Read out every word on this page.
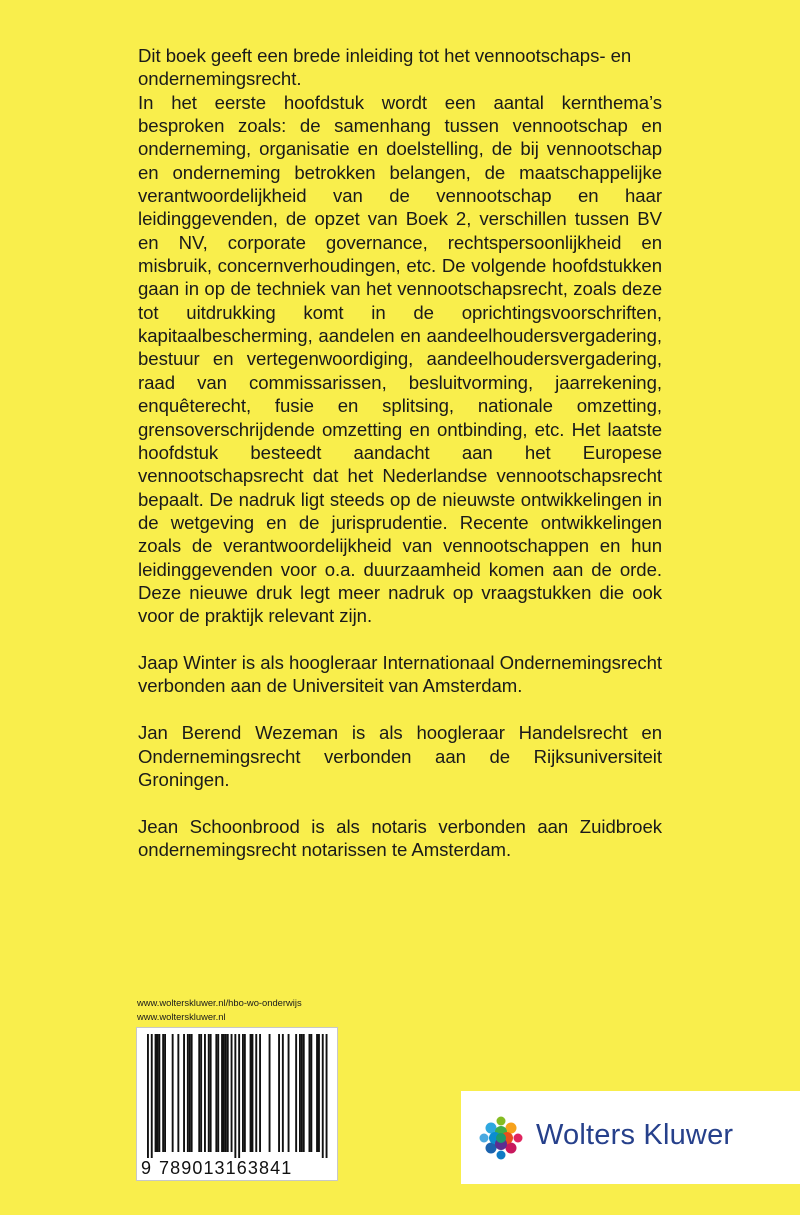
Dit boek geeft een brede inleiding tot het vennootschaps- en ondernemingsrecht.

In het eerste hoofdstuk wordt een aantal kernthema’s besproken zoals: de samenhang tussen vennootschap en onderneming, organisatie en doelstelling, de bij vennootschap en onderneming betrokken belangen, de maatschappelijke verantwoordelijkheid van de vennootschap en haar leidinggevenden, de opzet van Boek 2, verschillen tussen BV en NV, corporate governance, rechtspersoonlijkheid en misbruik, concernverhoudingen, etc. De volgende hoofdstukken gaan in op de techniek van het vennootschapsrecht, zoals deze tot uitdrukking komt in de oprichtingsvoorschriften, kapitaalbescherming, aandelen en aandeelhoudersvergadering, bestuur en vertegenwoordiging, aandeelhoudersvergadering, raad van commissarissen, besluitvorming, jaarrekening, enquêterecht, fusie en splitsing, nationale omzetting, grensoverschrijdende omzetting en ontbinding, etc. Het laatste hoofdstuk besteedt aandacht aan het Europese vennootschapsrecht dat het Nederlandse vennootschapsrecht bepaalt. De nadruk ligt steeds op de nieuwste ontwikkelingen in de wetgeving en de jurisprudentie. Recente ontwikkelingen zoals de verantwoordelijkheid van vennootschappen en hun leidinggevenden voor o.a. duurzaamheid komen aan de orde. Deze nieuwe druk legt meer nadruk op vraagstukken die ook voor de praktijk relevant zijn.

Jaap Winter is als hoogleraar Internationaal Ondernemingsrecht verbonden aan de Universiteit van Amsterdam.

Jan Berend Wezeman is als hoogleraar Handelsrecht en Ondernemingsrecht verbonden aan de Rijksuniversiteit Groningen.

Jean Schoonbrood is als notaris verbonden aan Zuidbroek ondernemingsrecht notarissen te Amsterdam.

www.wolterskluwer.nl/hbo-wo-onderwijs
www.wolterskluwer.nl
9 789013163841
Wolters Kluwer
